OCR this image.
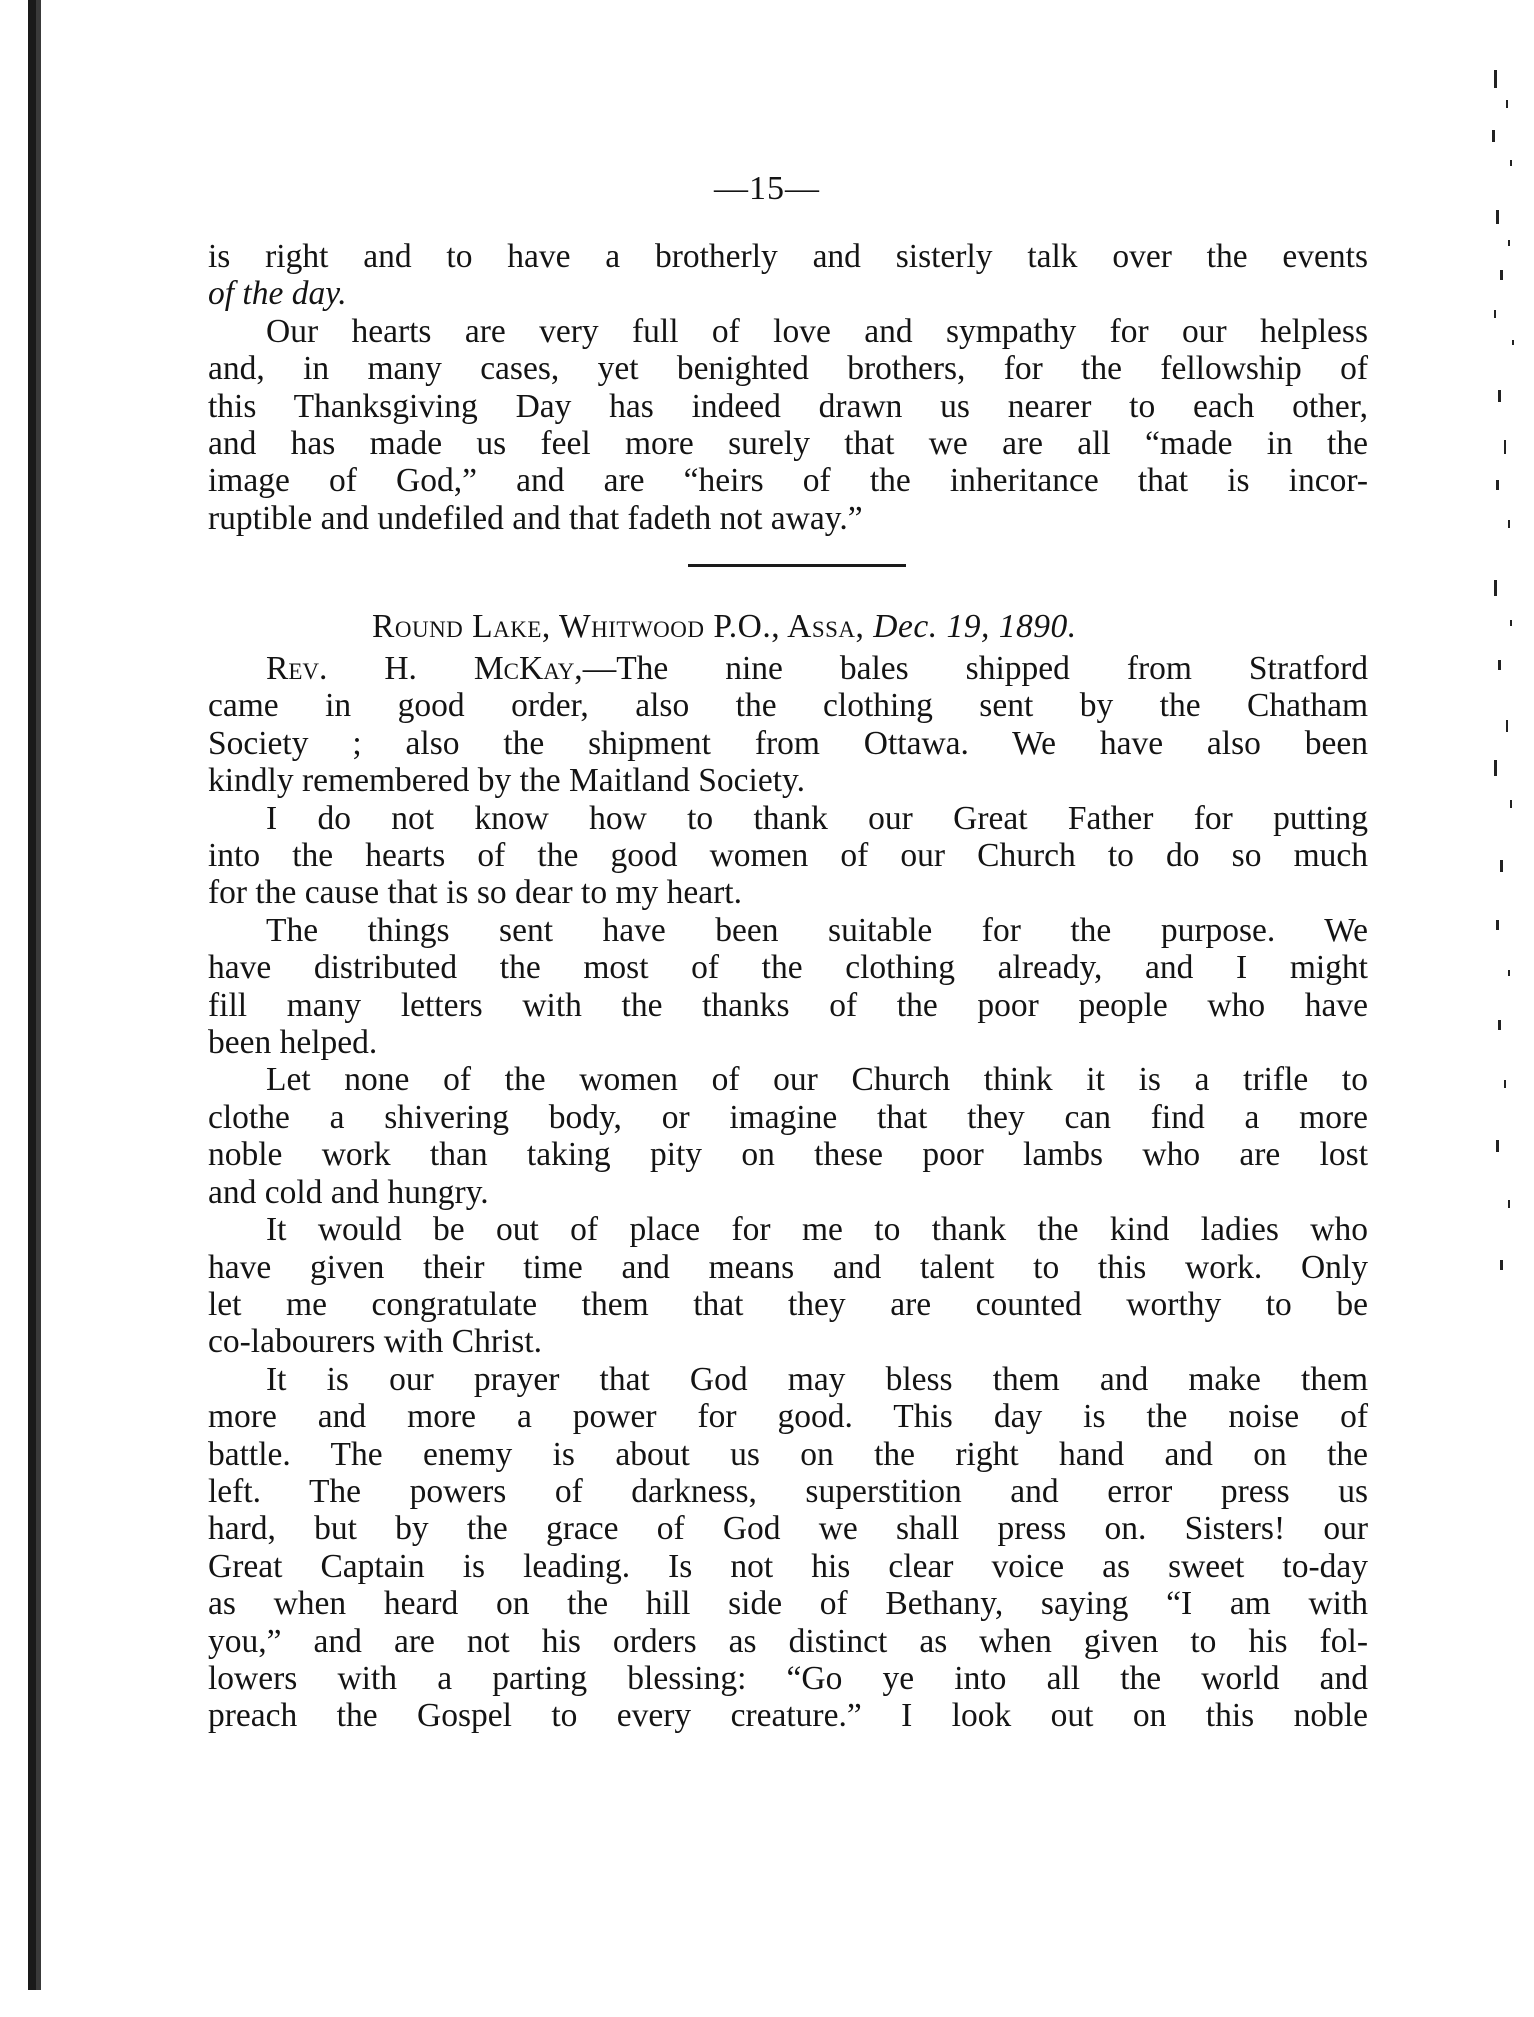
—15—
is right and to have a brotherly and sisterly talk over the events
of the day.
Our hearts are very full of love and sympathy for our helpless
and, in many cases, yet benighted brothers, for the fellowship of
this Thanksgiving Day has indeed drawn us nearer to each other,
and has made us feel more surely that we are all “made in the
image of God,” and are “heirs of the inheritance that is incor-
ruptible and undefiled and that fadeth not away.”
Round Lake, Whitwood P.O., Assa, Dec. 19, 1890.
Rev. H. McKay,—The nine bales shipped from Stratford
came in good order, also the clothing sent by the Chatham
Society ; also the shipment from Ottawa. We have also been
kindly remembered by the Maitland Society.
I do not know how to thank our Great Father for putting
into the hearts of the good women of our Church to do so much
for the cause that is so dear to my heart.
The things sent have been suitable for the purpose. We
have distributed the most of the clothing already, and I might
fill many letters with the thanks of the poor people who have
been helped.
Let none of the women of our Church think it is a trifle to
clothe a shivering body, or imagine that they can find a more
noble work than taking pity on these poor lambs who are lost
and cold and hungry.
It would be out of place for me to thank the kind ladies who
have given their time and means and talent to this work. Only
let me congratulate them that they are counted worthy to be
co-labourers with Christ.
It is our prayer that God may bless them and make them
more and more a power for good. This day is the noise of
battle. The enemy is about us on the right hand and on the
left. The powers of darkness, superstition and error press us
hard, but by the grace of God we shall press on. Sisters! our
Great Captain is leading. Is not his clear voice as sweet to-day
as when heard on the hill side of Bethany, saying “I am with
you,” and are not his orders as distinct as when given to his fol-
lowers with a parting blessing: “Go ye into all the world and
preach the Gospel to every creature.” I look out on this noble
